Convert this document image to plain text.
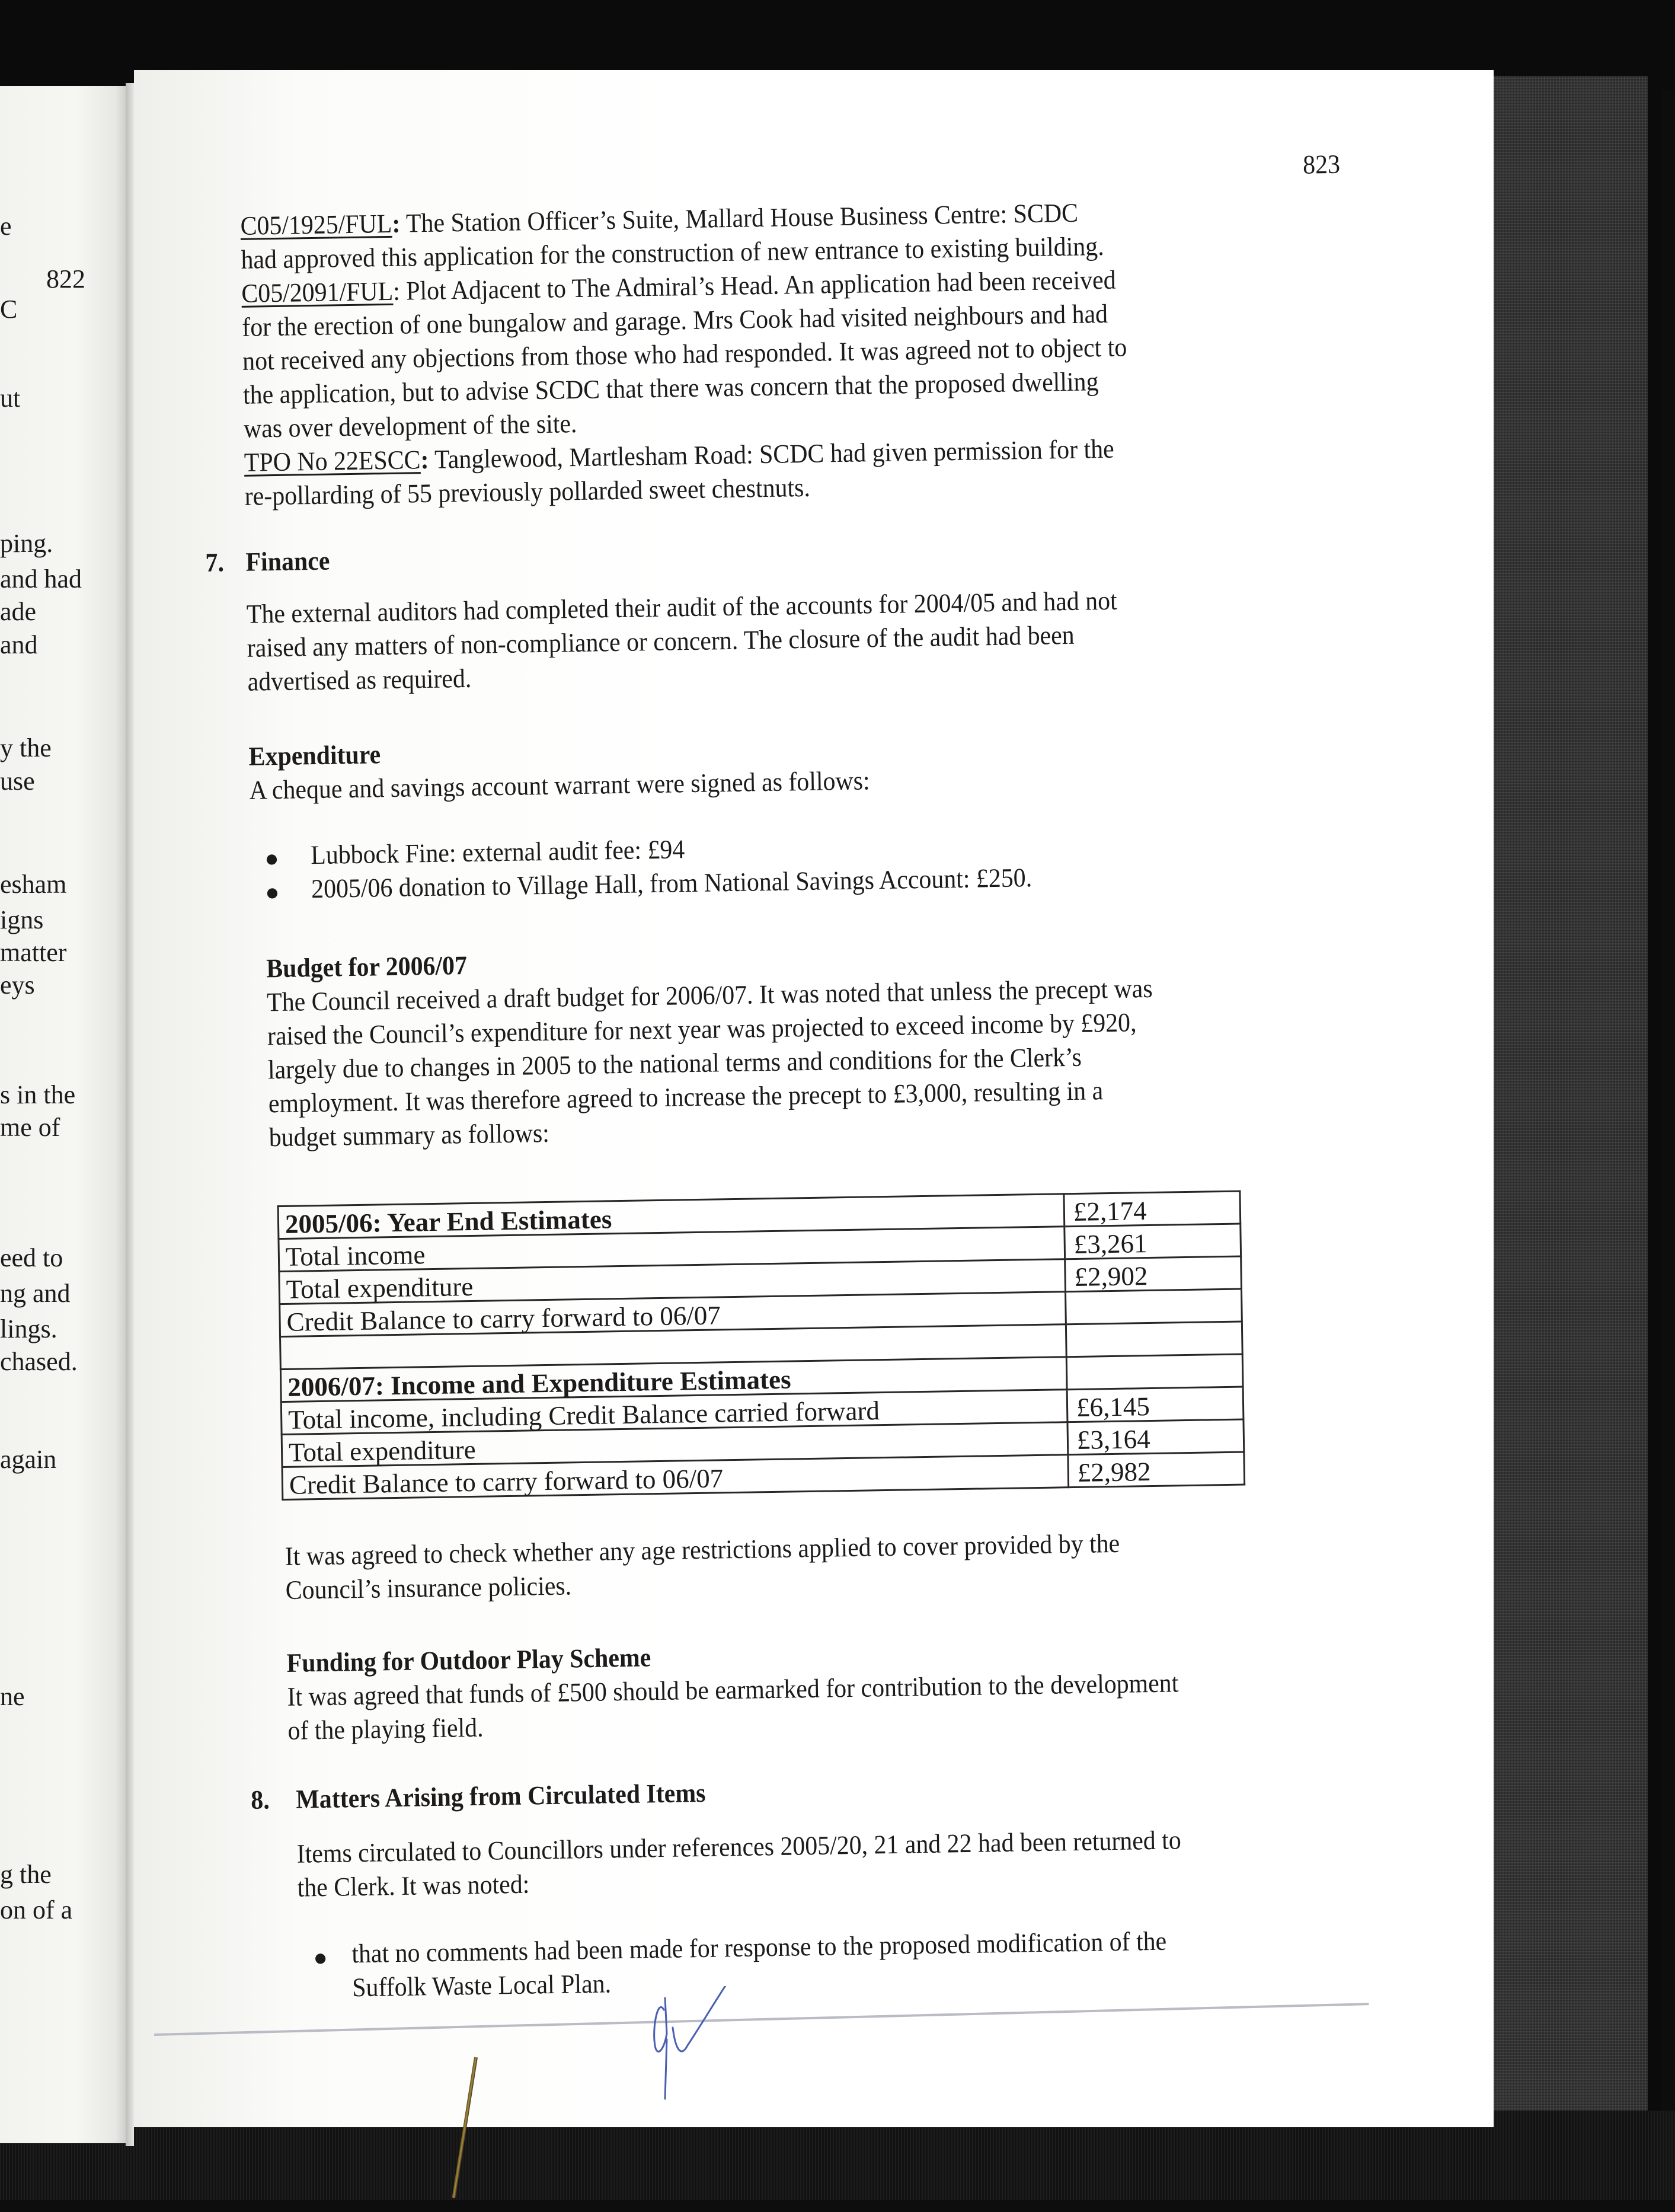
822
e
C
ut
ping.
and had
ade
and
y the
use
esham
igns
matter
eys
s in the
me of
eed to
ng and
lings.
chased.
again
ne
g the
on of a
823
C05/1925/FUL: The Station Officer’s Suite, Mallard House Business Centre: SCDC
had approved this application for the construction of new entrance to existing building.
C05/2091/FUL: Plot Adjacent to The Admiral’s Head. An application had been received
for the erection of one bungalow and garage. Mrs Cook had visited neighbours and had
not received any objections from those who had responded. It was agreed not to object to
the application, but to advise SCDC that there was concern that the proposed dwelling
was over development of the site.
TPO No 22ESCC: Tanglewood, Martlesham Road: SCDC had given permission for the
re-pollarding of 55 previously pollarded sweet chestnuts.
7. Finance
The external auditors had completed their audit of the accounts for 2004/05 and had not
raised any matters of non-compliance or concern. The closure of the audit had been
advertised as required.
Expenditure
A cheque and savings account warrant were signed as follows:
● Lubbock Fine: external audit fee: £94
● 2005/06 donation to Village Hall, from National Savings Account: £250.
Budget for 2006/07
The Council received a draft budget for 2006/07. It was noted that unless the precept was
raised the Council’s expenditure for next year was projected to exceed income by £920,
largely due to changes in 2005 to the national terms and conditions for the Clerk’s
employment. It was therefore agreed to increase the precept to £3,000, resulting in a
budget summary as follows:
2005/06: Year End Estimates	£2,174
Total income	£3,261
Total expenditure	£2,902
Credit Balance to carry forward to 06/07	

2006/07: Income and Expenditure Estimates	
Total income, including Credit Balance carried forward	£6,145
Total expenditure	£3,164
Credit Balance to carry forward to 06/07	£2,982
It was agreed to check whether any age restrictions applied to cover provided by the
Council’s insurance policies.
Funding for Outdoor Play Scheme
It was agreed that funds of £500 should be earmarked for contribution to the development
of the playing field.
8. Matters Arising from Circulated Items
Items circulated to Councillors under references 2005/20, 21 and 22 had been returned to
the Clerk. It was noted:
● that no comments had been made for response to the proposed modification of the
Suffolk Waste Local Plan.
